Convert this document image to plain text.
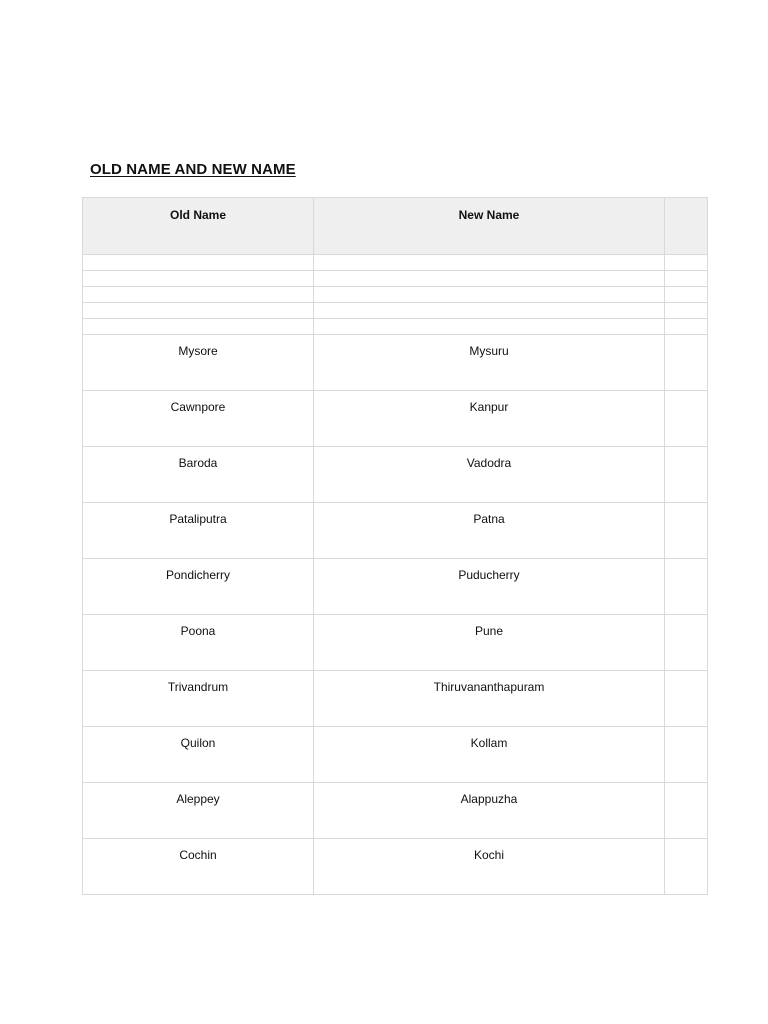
OLD NAME AND NEW NAME
Old Name	New Name	

Mysore	Mysuru	

Cawnpore	Kanpur	

Baroda	Vadodra	

Pataliputra	Patna	

Pondicherry	Puducherry	

Poona	Pune	

Trivandrum	Thiruvananthapuram	

Quilon	Kollam	

Aleppey	Alappuzha	

Cochin	Kochi	
